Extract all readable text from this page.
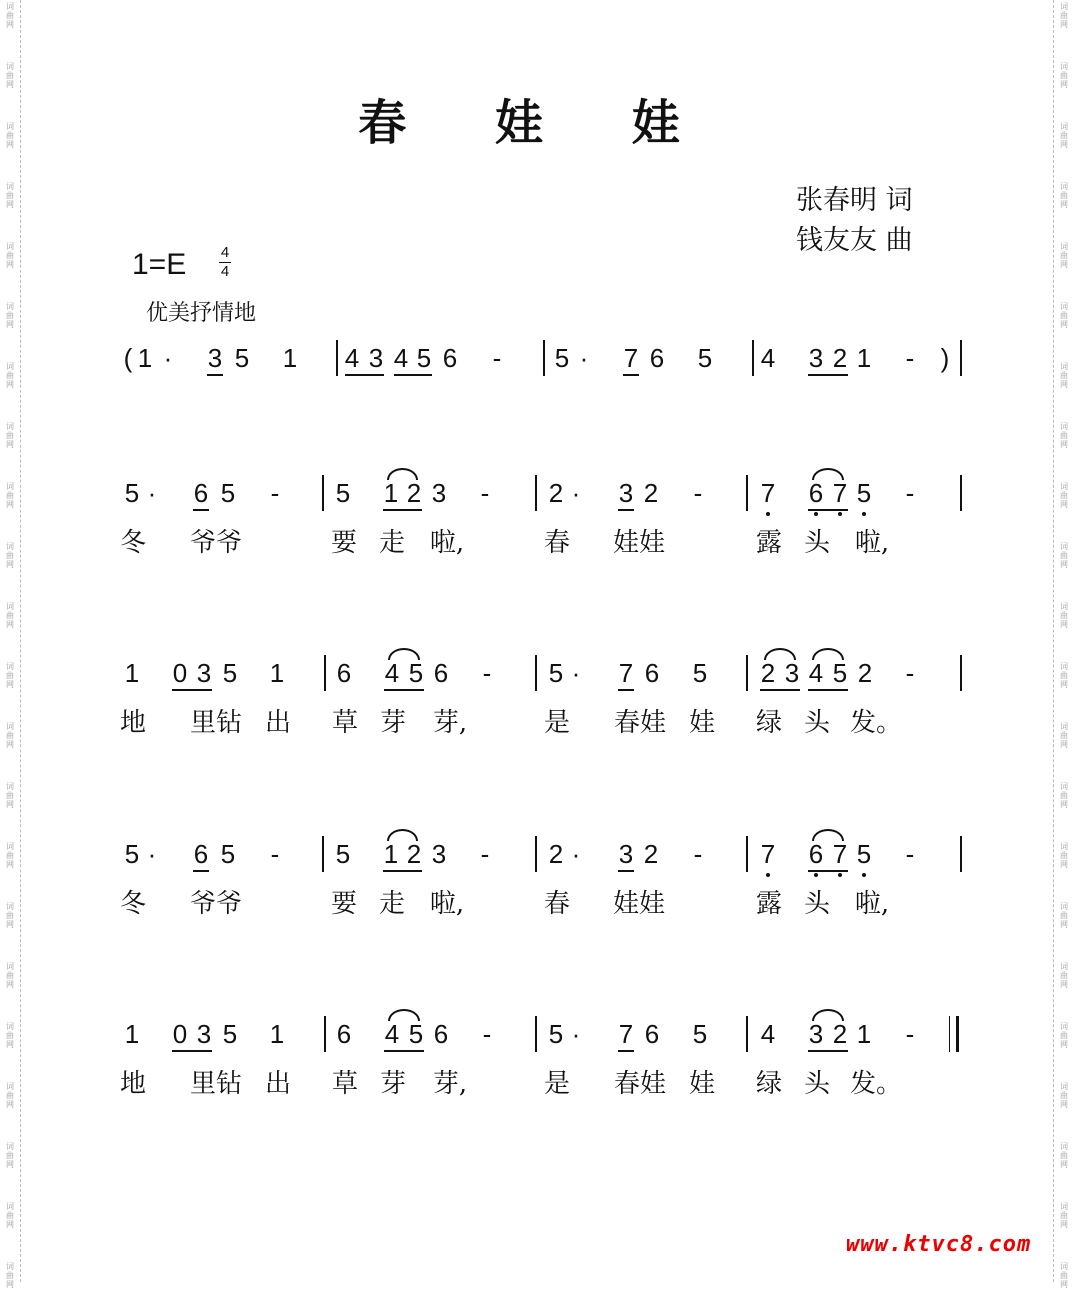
词
曲
网
词
曲
网
词
曲
网
词
曲
网
词
曲
网
词
曲
网
词
曲
网
词
曲
网
词
曲
网
词
曲
网
词
曲
网
词
曲
网
词
曲
网
词
曲
网
词
曲
网
词
曲
网
词
曲
网
词
曲
网
词
曲
网
词
曲
网
词
曲
网
词
曲
网
词
曲
网
词
曲
网
词
曲
网
词
曲
网
词
曲
网
词
曲
网
词
曲
网
词
曲
网
词
曲
网
词
曲
网
词
曲
网
词
曲
网
词
曲
网
词
曲
网
词
曲
网
词
曲
网
词
曲
网
词
曲
网
词
曲
网
词
曲
网
词
曲
网
词
曲
网
春 娃 娃
张春明 词
钱友友 曲
1=E 4
4
优美抒情地
( 1 · 3 5 1 4 3 4 5 6 - 5 · 7 6 5 4 3 2 1 - )
5 · 6 5 - 5 1 2 3 - 2 · 3 2 - 7 6 7 5 -
冬 爷爷	要 走 啦,	春 娃娃	露 头 啦,
1 0 3 5 1 6 4 5 6 - 5 · 7 6 5 2 3 4 5 2 -
地 里钻 出 草 芽 芽,	是 春娃 娃 绿 头 发。
5 · 6 5 - 5 1 2 3 - 2 · 3 2 - 7 6 7 5 -
冬 爷爷	要 走 啦,	春 娃娃	露 头 啦,
1 0 3 5 1 6 4 5 6 - 5 · 7 6 5 4 3 2 1 -
地 里钻 出 草 芽 芽,	是 春娃 娃 绿 头 发。
www.ktvc8.com
